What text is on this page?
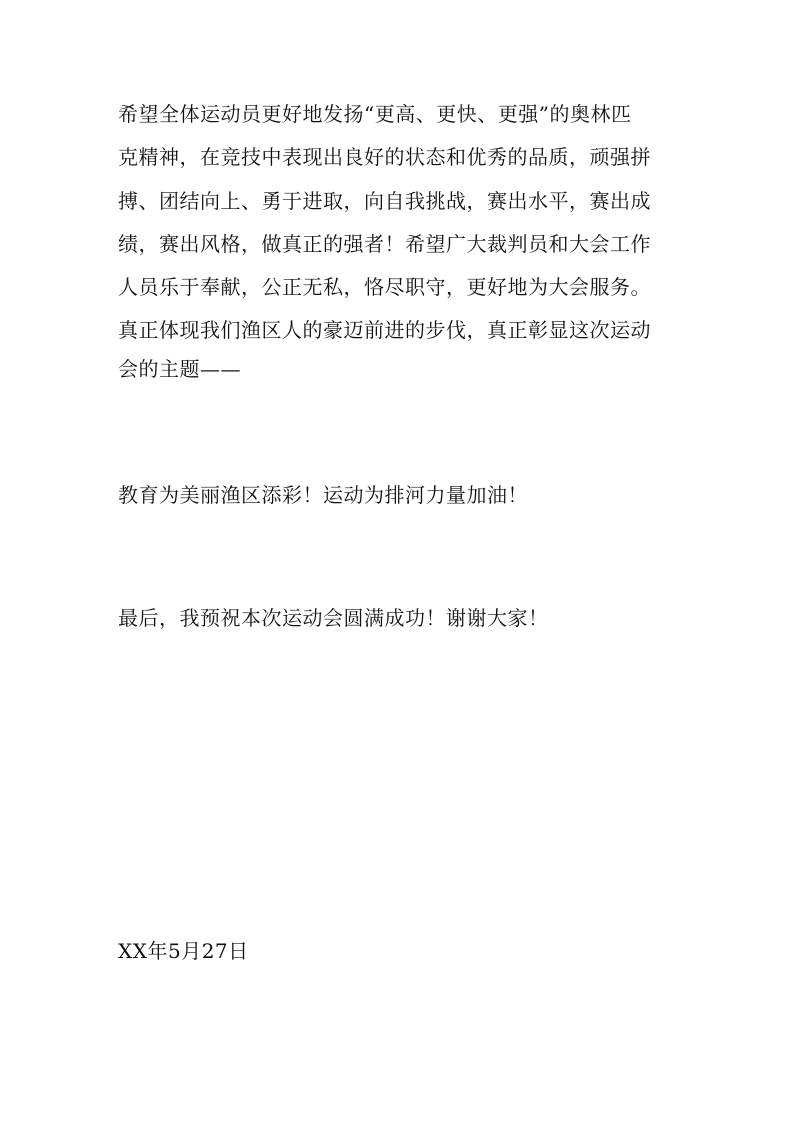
希望全体运动员更好地发扬“更高、更快、更强”的奥林匹
克精神，在竞技中表现出良好的状态和优秀的品质，顽强拼
搏、团结向上、勇于进取，向自我挑战，赛出水平，赛出成
绩，赛出风格，做真正的强者！希望广大裁判员和大会工作
人员乐于奉献，公正无私，恪尽职守，更好地为大会服务。
真正体现我们渔区人的豪迈前进的步伐，真正彰显这次运动
会的主题——
教育为美丽渔区添彩！运动为排河力量加油！
最后，我预祝本次运动会圆满成功！谢谢大家！
XX年5月27日
